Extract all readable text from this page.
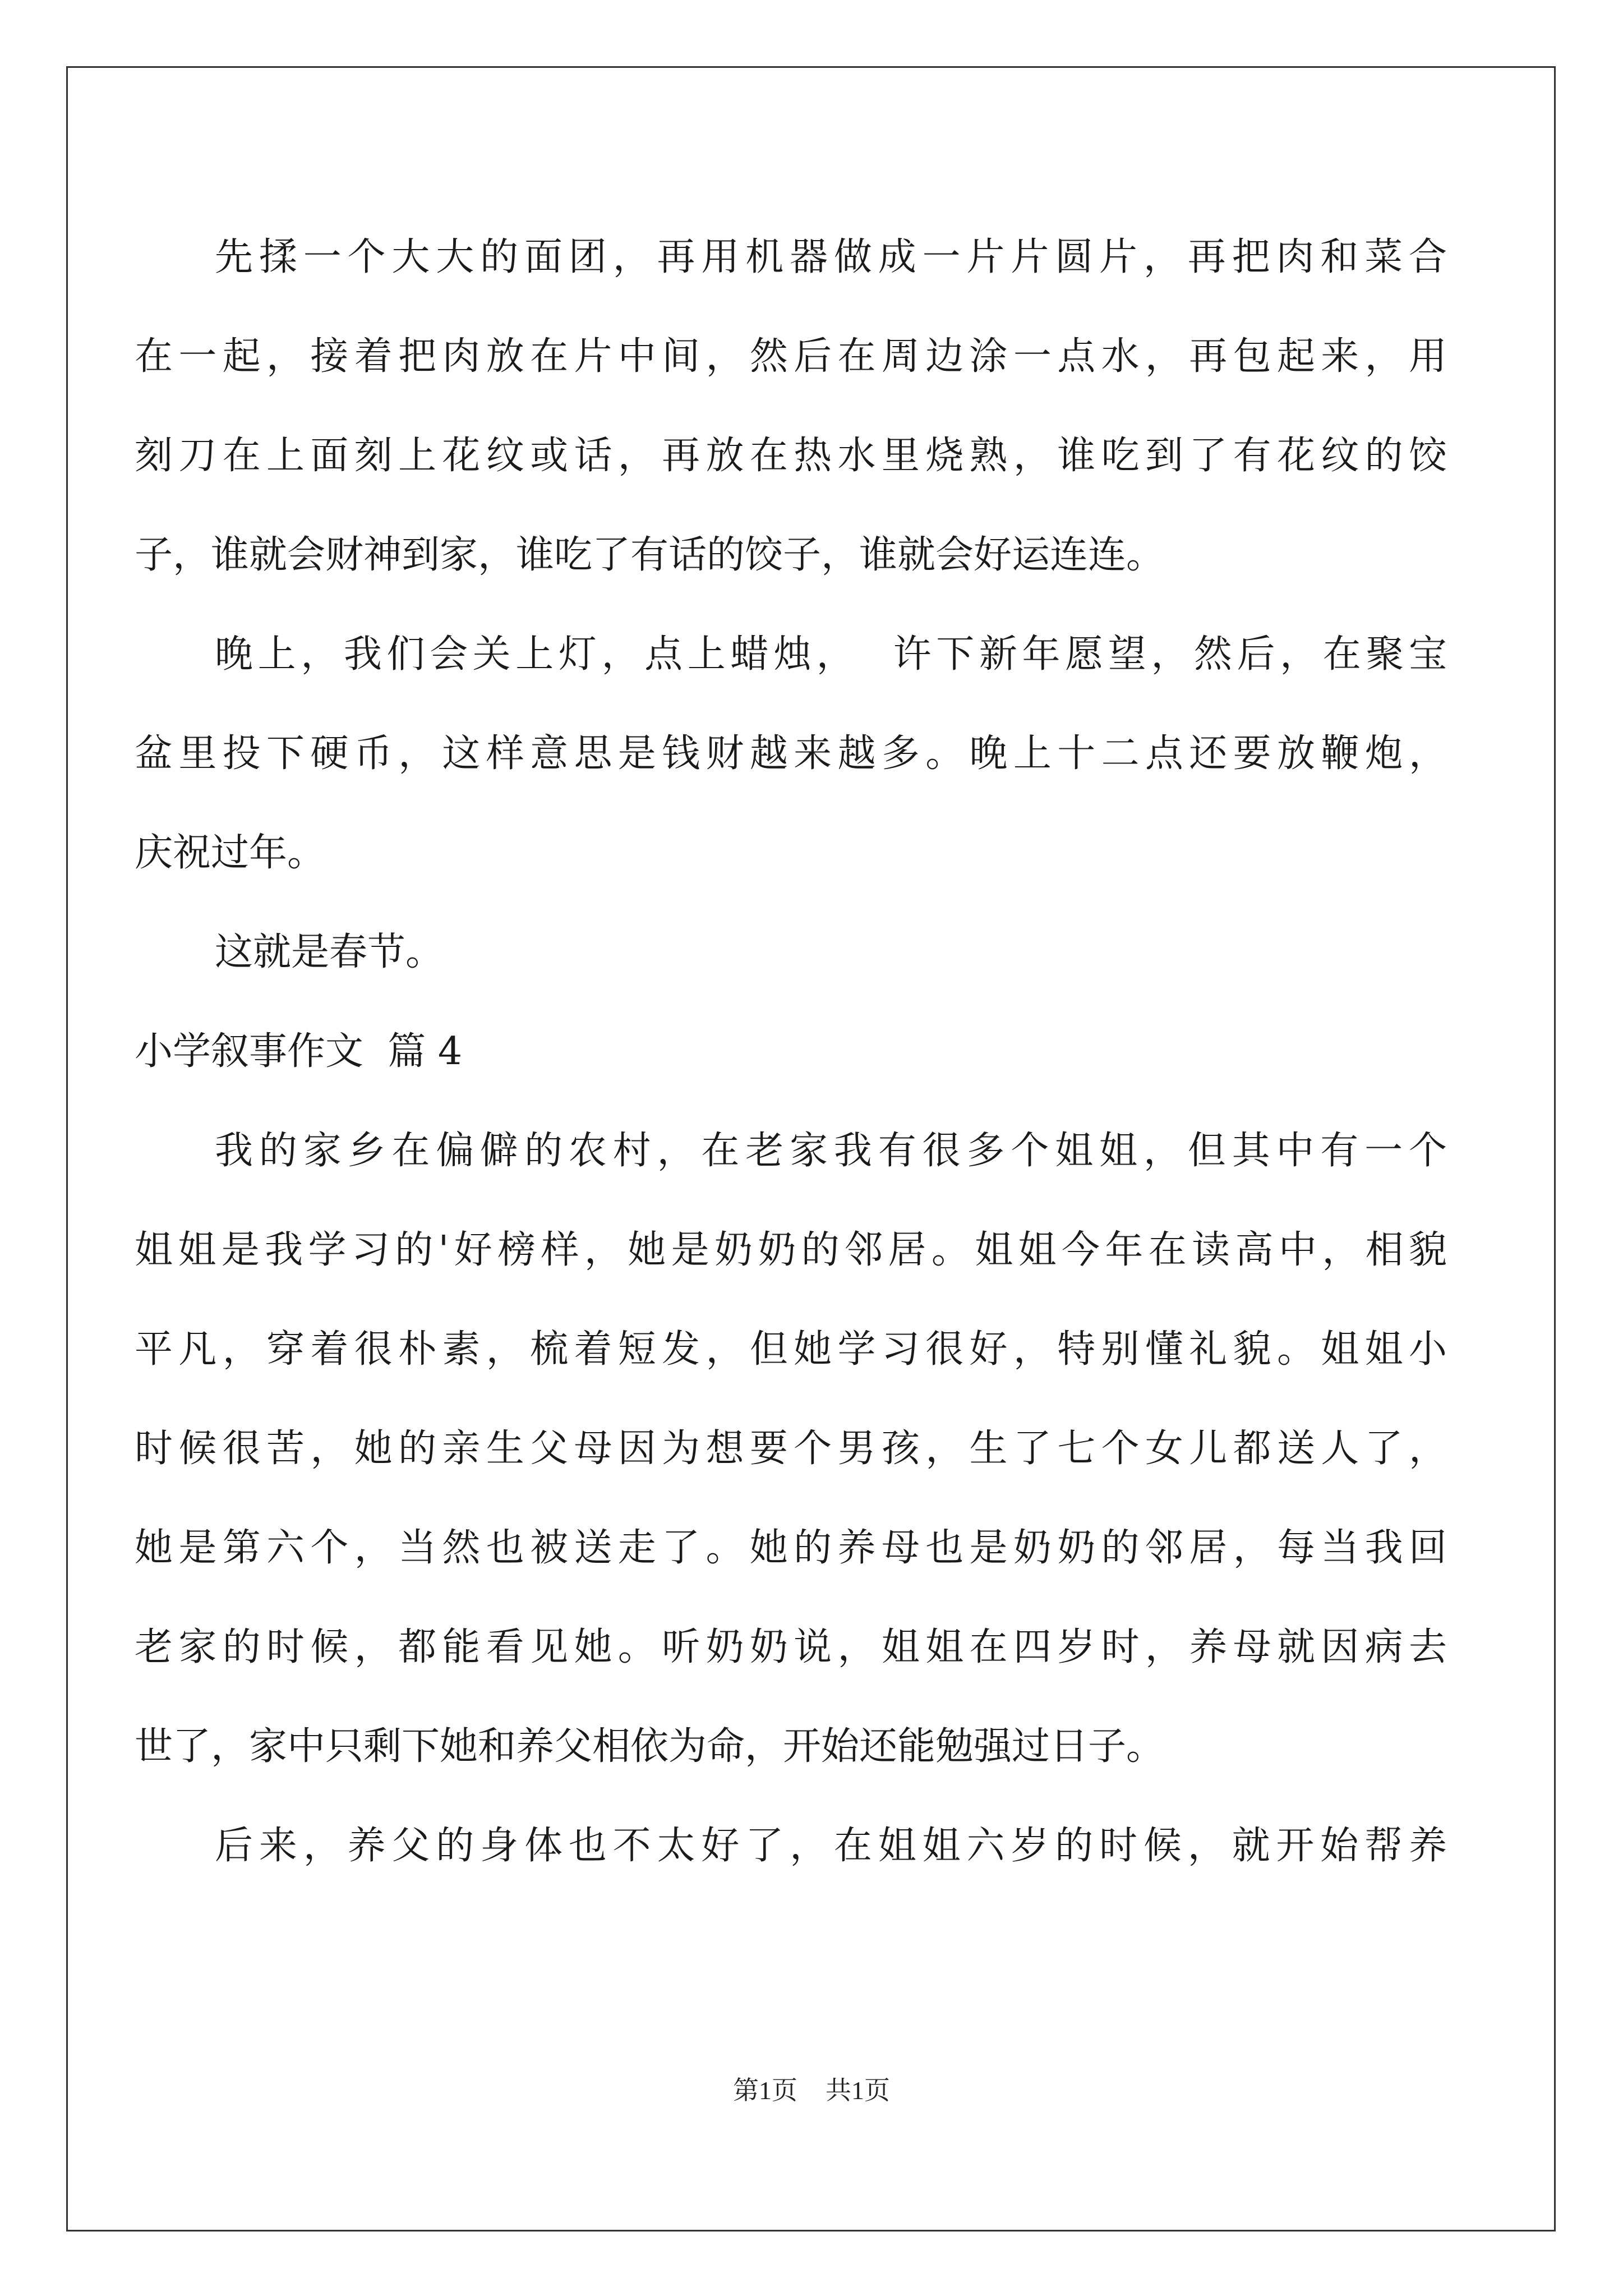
先揉一个大大的面团，再用机器做成一片片圆片，再把肉和菜合
在一起，接着把肉放在片中间，然后在周边涂一点水，再包起来，用
刻刀在上面刻上花纹或话，再放在热水里烧熟，谁吃到了有花纹的饺
子，谁就会财神到家，谁吃了有话的饺子，谁就会好运连连。
晚上，我们会关上灯，点上蜡烛，  许下新年愿望，然后，在聚宝
盆里投下硬币，这样意思是钱财越来越多。晚上十二点还要放鞭炮，
庆祝过年。
这就是春节。
小学叙事作文  篇 4
我的家乡在偏僻的农村，在老家我有很多个姐姐，但其中有一个
姐姐是我学习的'好榜样，她是奶奶的邻居。姐姐今年在读高中，相貌
平凡，穿着很朴素，梳着短发，但她学习很好，特别懂礼貌。姐姐小
时候很苦，她的亲生父母因为想要个男孩，生了七个女儿都送人了，
她是第六个，当然也被送走了。她的养母也是奶奶的邻居，每当我回
老家的时候，都能看见她。听奶奶说，姐姐在四岁时，养母就因病去
世了，家中只剩下她和养父相依为命，开始还能勉强过日子。
后来，养父的身体也不太好了，在姐姐六岁的时候，就开始帮养
第1页 共1页
